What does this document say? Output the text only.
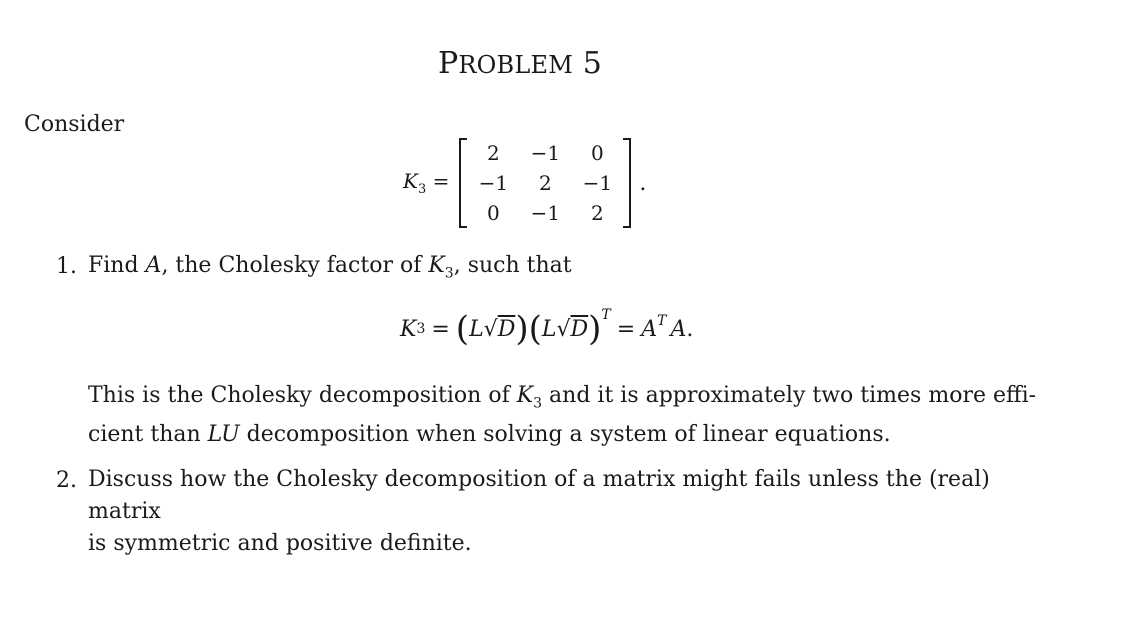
PROBLEM 5
Consider
$K_3$ =
2	−1	0
−1	2	−1
0	−1	2
.
1. Find A, the Cholesky factor of $K_3$, such that
K 3 = ( L √ D ) ( L √ D )$^T$
= $A^T$ A .
This is the Cholesky decomposition of $K_3$ and it is approximately two times more effi-
cient than LU decomposition when solving a system of linear equations.
2. Discuss how the Cholesky decomposition of a matrix might fails unless the (real) matrix
is symmetric and positive definite.
